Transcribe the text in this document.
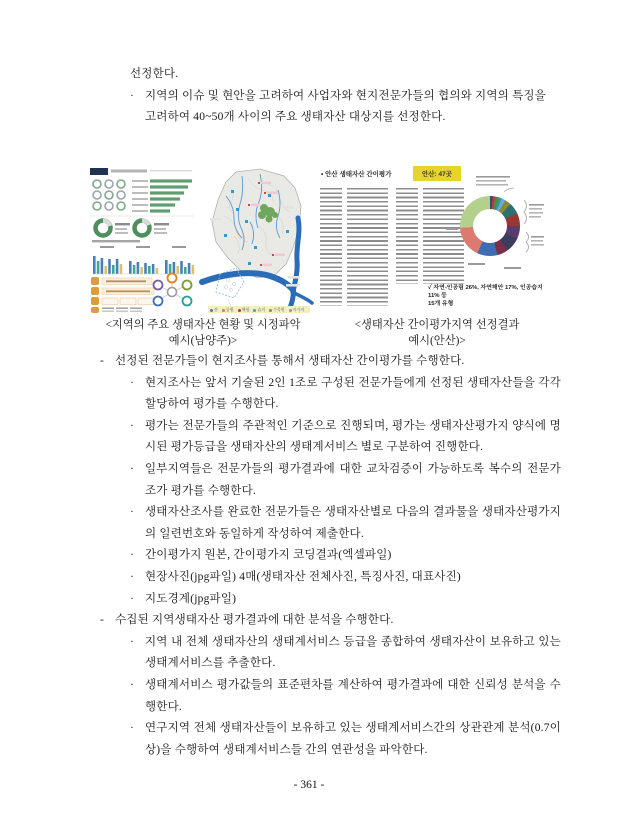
선정한다.
· 지역의 이슈 및 현안을 고려하여 사업자와 현지전문가들의 협의와 지역의 특징을 고려하여 40~50개 사이의 주요 생태자산 대상지를 선정한다.
산 공원 체험 습지 수목원 시가지
• 안산 생태자산 간이평가	안산: 47곳
✓ 자연-인공림 26%, 자연해안 17%, 인공습지 11% 등
15개 유형
<지역의 주요 생태자산 현황 및 시정파악
예시(남양주)>
<생태자산 간이평가지역 선정결과
예시(안산)>
- 선정된 전문가들이 현지조사를 통해서 생태자산 간이평가를 수행한다.
· 현지조사는 앞서 기술된 2인 1조로 구성된 전문가들에게 선정된 생태자산들을 각각 할당하여 평가를 수행한다.
· 평가는 전문가들의 주관적인 기준으로 진행되며, 평가는 생태자산평가지 양식에 명시된 평가등급을 생태자산의 생태계서비스 별로 구분하여 진행한다.
· 일부지역들은 전문가들의 평가결과에 대한 교차검증이 가능하도록 복수의 전문가조가 평가를 수행한다.
· 생태자산조사를 완료한 전문가들은 생태자산별로 다음의 결과물을 생태자산평가지의 일련번호와 동일하게 작성하여 제출한다.
· 간이평가지 원본, 간이평가지 코딩결과(엑셀파일)
· 현장사진(jpg파일) 4매(생태자산 전체사진, 특징사진, 대표사진)
· 지도경계(jpg파일)
- 수집된 지역생태자산 평가결과에 대한 분석을 수행한다.
· 지역 내 전체 생태자산의 생태계서비스 등급을 종합하여 생태자산이 보유하고 있는 생태계서비스를 추출한다.
· 생태계서비스 평가값들의 표준편차를 계산하여 평가결과에 대한 신뢰성 분석을 수행한다.
· 연구지역 전체 생태자산들이 보유하고 있는 생태계서비스간의 상관관계 분석(0.7이상)을 수행하여 생태계서비스들 간의 연관성을 파악한다.
- 361 -
